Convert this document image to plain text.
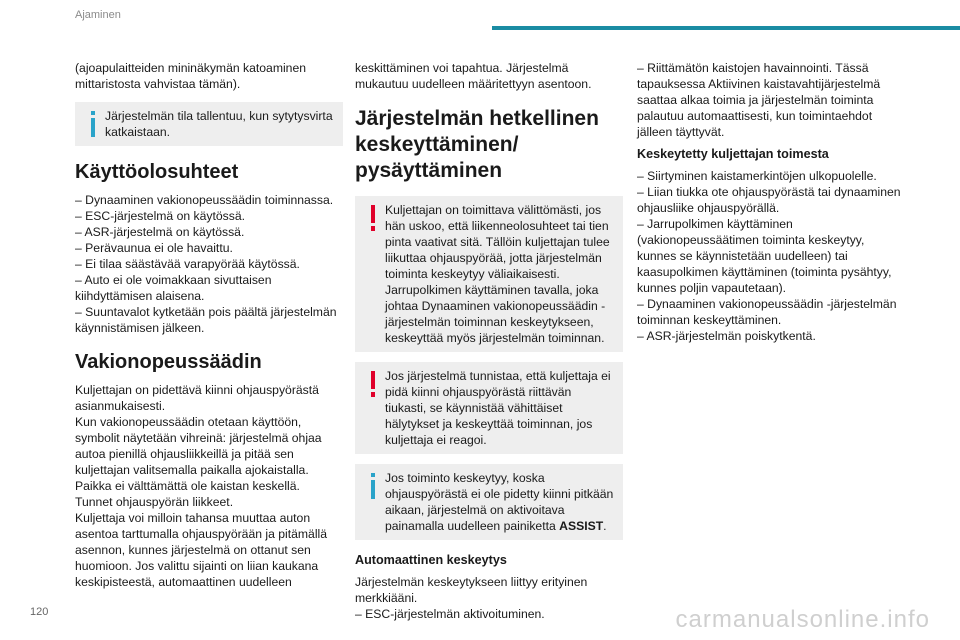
Ajaminen

(ajoapulaitteiden mininäkymän katoaminen mittaristosta vahvistaa tämän).

Järjestelmän tila tallentuu, kun sytytysvirta katkaistaan.
Käyttöolosuhteet

– Dynaaminen vakionopeussäädin toiminnassa.

– ESC-järjestelmä on käytössä.

– ASR-järjestelmä on käytössä.

– Perävaunua ei ole havaittu.

– Ei tilaa säästävää varapyörää käytössä.

– Auto ei ole voimakkaan sivuttaisen kiihdyttämisen alaisena.

– Suuntavalot kytketään pois päältä järjestelmän käynnistämisen jälkeen.

Vakionopeussäädin

Kuljettajan on pidettävä kiinni ohjauspyörästä asianmukaisesti.

Kun vakionopeussäädin otetaan käyttöön, symbolit näytetään vihreinä: järjestelmä ohjaa autoa pienillä ohjausliikkeillä ja pitää sen kuljettajan valitsemalla paikalla ajokaistalla. Paikka ei välttämättä ole kaistan keskellä.

Tunnet ohjauspyörän liikkeet.

Kuljettaja voi milloin tahansa muuttaa auton asentoa tarttumalla ohjauspyörään ja pitämällä asennon, kunnes järjestelmä on ottanut sen huomioon. Jos valittu sijainti on liian kaukana keskipisteestä, automaattinen uudelleen

keskittäminen voi tapahtua. Järjestelmä mukautuu uudelleen määritettyyn asentoon.

Järjestelmän hetkellinen keskeyttäminen/ pysäyttäminen
Kuljettajan on toimittava välittömästi, jos hän uskoo, että liikenneolosuhteet tai tien pinta vaativat sitä. Tällöin kuljettajan tulee liikuttaa ohjauspyörää, jotta järjestelmän toiminta keskeytyy väliaikaisesti. Jarrupolkimen käyttäminen tavalla, joka johtaa Dynaaminen vakionopeussäädin -järjestelmän toiminnan keskeytykseen, keskeyttää myös järjestelmän toiminnan.
Jos järjestelmä tunnistaa, että kuljettaja ei pidä kiinni ohjauspyörästä riittävän tiukasti, se käynnistää vähittäiset hälytykset ja keskeyttää toiminnan, jos kuljettaja ei reagoi.
Jos toiminto keskeytyy, koska ohjauspyörästä ei ole pidetty kiinni pitkään aikaan, järjestelmä on aktivoitava painamalla uudelleen painiketta ASSIST.
Automaattinen keskeytys

Järjestelmän keskeytykseen liittyy erityinen merkkiääni.

– ESC-järjestelmän aktivoituminen.

– Riittämätön kaistojen havainnointi. Tässä tapauksessa Aktiivinen kaistavahtijärjestelmä saattaa alkaa toimia ja järjestelmän toiminta palautuu automaattisesti, kun toimintaehdot jälleen täyttyvät.

Keskeytetty kuljettajan toimesta

– Siirtyminen kaistamerkintöjen ulkopuolelle.

– Liian tiukka ote ohjauspyörästä tai dynaaminen ohjausliike ohjauspyörällä.

– Jarrupolkimen käyttäminen (vakionopeussäätimen toiminta keskeytyy, kunnes se käynnistetään uudelleen) tai kaasupolkimen käyttäminen (toiminta pysähtyy, kunnes poljin vapautetaan).

– Dynaaminen vakionopeussäädin -järjestelmän toiminnan keskeyttäminen.

– ASR-järjestelmän poiskytkentä.

120	carmanualsonline.info
